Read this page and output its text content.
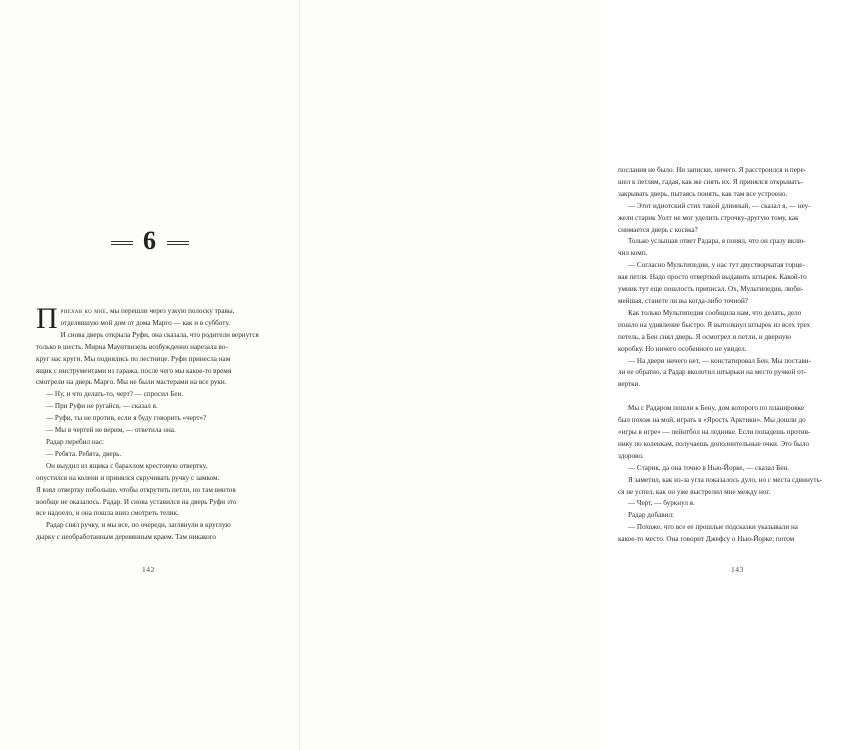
6
П риехав ко мне, мы перешли через узкую полоску травы,
отделявшую мой дом от дома Марго — как и в субботу.
И снова дверь открыла Руфи, она сказала, что родители вернутся
только в шесть. Мирна Маунтвизель возбужденно нарезала во-
круг нас круги. Мы поднялись по лестнице. Руфи принесла нам
ящик с инструментами из гаража, после чего мы какое-то время
смотрели на дверь Марго. Мы не были мастерами на все руки.
— Ну, и что делать-то, черт? — спросил Бен.
— При Руфи не ругайся, — сказал я.
— Руфи, ты не против, если я буду говорить «черт»?
— Мы в чертей не верим, — ответила она.
Радар перебил нас:
— Ребята. Ребята, дверь.
Он выудил из ящика с барахлом крестовую отвертку,
опустился на колени и принялся скручивать ручку с замком.
Я взял отвертку побольше, чтобы открутить петли, но там винтов
вообще не оказалось. Радар. И снова уставился на дверь Руфи это
все надоело, и она пошла вниз смотреть телик.
Радар снял ручку, и мы все, по очереди, заглянули в круглую
дырку с необработанным деревянным краем. Там никакого
142
послания не было. Ни записки, ничего. Я расстроился и пере-
шел к петлям, гадая, как же снять их. Я принялся открывать-
закрывать дверь, пытаясь понять, как там все устроено.
— Этот идиотский стих такой длинный, — сказал я, — неу-
жели старик Уолт не мог уделить строчку-другую тому, как
снимается дверь с косяка?
Только услышав ответ Радара, я понял, что он сразу вклю-
чил комп.
— Согласно Мультипедии, у нас тут двустворчатая торце-
вая петля. Надо просто отверткой выдавить штырек. Какой-то
умник тут еще пошлость приписал. Ох, Мультипедия, люби-
мейшая, станете ли вы когда-либо точной?
Как только Мультипедия сообщила нам, что делать, дело
пошло на удивление быстро. Я вытолкнул штырек из всех трех
петель, а Бен снял дверь. Я осмотрел и петли, и дверную
коробку. Но ничего особенного не увидел.
— На двери ничего нет, — констатировал Бен. Мы постави-
ли ее обратно, а Радар вколотил штырьки на место ручкой от-
вертки.
Мы с Радаром пошли к Бену, дом которого по планировке
был похож на мой, играть в «Ярость Арктики». Мы дошли до
«игры в игре» — пейнтбол на леднике. Если попадешь против-
нику по коленкам, получаешь дополнительные очки. Это было
здорово.
— Старик, да она точно в Нью-Йорке, — сказал Бен.
Я заметил, как из-за угла показалось дуло, но с места сдвинуть-
ся не успел, как он уже выстрелил мне между ног.
— Черт, — буркнул я.
Радар добавил:
— Похоже, что все ее прошлые подсказки указывали на
какое-то место. Она говорит Джефсу о Нью-Йорке; потом
143
